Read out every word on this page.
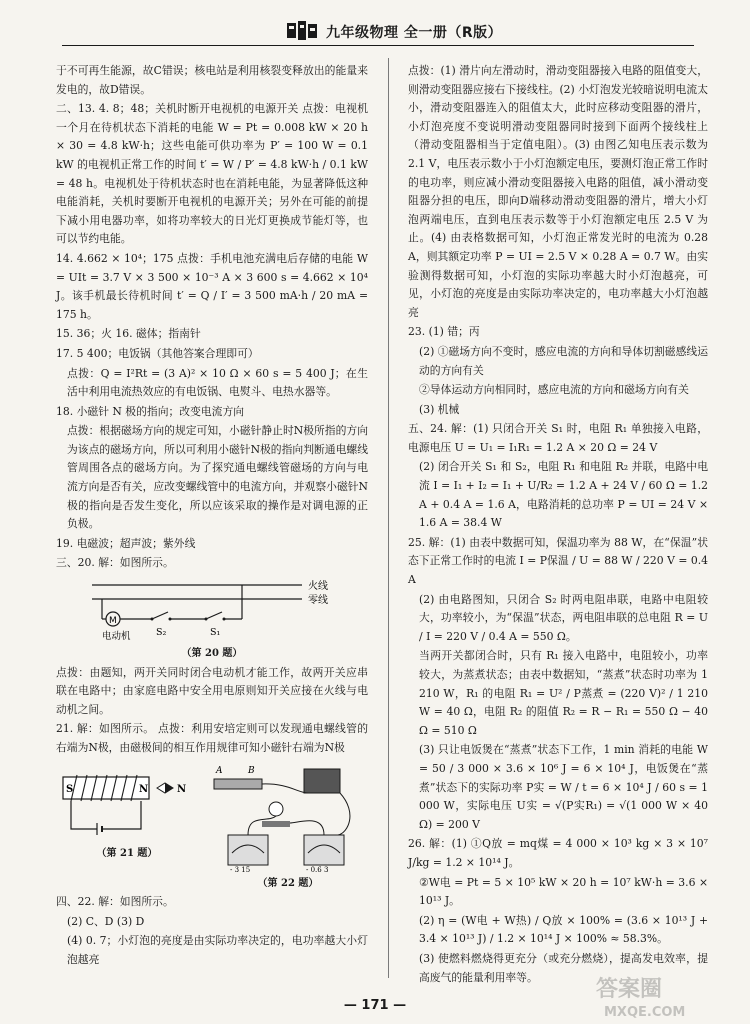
九年级物理 全一册（R版）

于不可再生能源，故C错误；核电站是利用核裂变释放出的能量来发电的，故D错误。

二、13. 4. 8；48；关机时断开电视机的电源开关 点拨：电视机一个月在待机状态下消耗的电能 W = Pt = 0.008 kW × 20 h × 30 = 4.8 kW·h；这些电能可供功率为 P′ = 100 W = 0.1 kW 的电视机正常工作的时间 t′ = W / P′ = 4.8 kW·h / 0.1 kW = 48 h。电视机处于待机状态时也在消耗电能，为显著降低这种电能消耗，关机时要断开电视机的电源开关；另外在可能的前提下减小用电器功率，如将功率较大的日光灯更换成节能灯等，也可以节约电能。

14. 4.662 × 10⁴；175 点拨：手机电池充满电后存储的电能 W = UIt = 3.7 V × 3 500 × 10⁻³ A × 3 600 s = 4.662 × 10⁴ J。该手机最长待机时间 t′ = Q / I′ = 3 500 mA·h / 20 mA = 175 h。

15. 36；火 16. 磁体；指南针

17. 5 400；电饭锅（其他答案合理即可）

点拨：Q = I²Rt = (3 A)² × 10 Ω × 60 s = 5 400 J；在生活中利用电流热效应的有电饭锅、电熨斗、电热水器等。

18. 小磁针 N 极的指向；改变电流方向

点拨：根据磁场方向的规定可知，小磁针静止时N极所指的方向为该点的磁场方向，所以可利用小磁针N极的指向判断通电螺线管周围各点的磁场方向。为了探究通电螺线管磁场的方向与电流方向是否有关，应改变螺线管中的电流方向，并观察小磁针N极的指向是否发生变化，所以应该采取的操作是对调电源的正负极。

19. 电磁波；超声波；紫外线

三、20. 解：如图所示。

火线
零线
M
电动机	S₂	S₁
（第 20 题）

点拨：由题知，两开关同时闭合电动机才能工作，故两开关应串联在电路中；由家庭电路中安全用电原则知开关应接在火线与电动机之间。

21. 解：如图所示。 点拨：利用安培定则可以发现通电螺线管的右端为N极，由磁极间的相互作用规律可知小磁针右端为N极

S	N	N
（第 21 题）
A	B
- 3 15	- 0.6 3
（第 22 题）

四、22. 解：如图所示。

(2) C、D (3) D

(4) 0. 7；小灯泡的亮度是由实际功率决定的，电功率越大小灯泡越亮

点拨：(1) 滑片向左滑动时，滑动变阻器接入电路的阻值变大，则滑动变阻器应接右下接线柱。(2) 小灯泡发光较暗说明电流太小，滑动变阻器连入的阻值太大，此时应移动变阻器的滑片，小灯泡亮度不变说明滑动变阻器同时接到下面两个接线柱上（滑动变阻器相当于定值电阻）。(3) 由图乙知电压表示数为 2.1 V，电压表示数小于小灯泡额定电压，要测灯泡正常工作时的电功率，则应减小滑动变阻器接入电路的阻值，减小滑动变阻器分担的电压，即向D端移动滑动变阻器的滑片，增大小灯泡两端电压，直到电压表示数等于小灯泡额定电压 2.5 V 为止。(4) 由表格数据可知，小灯泡正常发光时的电流为 0.28 A，则其额定功率 P = UI = 2.5 V × 0.28 A = 0.7 W。由实验测得数据可知，小灯泡的实际功率越大时小灯泡越亮，可见，小灯泡的亮度是由实际功率决定的，电功率越大小灯泡越亮

23. (1) 错；丙

(2) ①磁场方向不变时，感应电流的方向和导体切割磁感线运动的方向有关

②导体运动方向相同时，感应电流的方向和磁场方向有关

(3) 机械

五、24. 解：(1) 只闭合开关 S₁ 时，电阻 R₁ 单独接入电路，电源电压 U = U₁ = I₁R₁ = 1.2 A × 20 Ω = 24 V

(2) 闭合开关 S₁ 和 S₂，电阻 R₁ 和电阻 R₂ 并联，电路中电流 I = I₁ + I₂ = I₁ + U/R₂ = 1.2 A + 24 V / 60 Ω = 1.2 A + 0.4 A = 1.6 A，电路消耗的总功率 P = UI = 24 V × 1.6 A = 38.4 W

25. 解：(1) 由表中数据可知，保温功率为 88 W，在“保温”状态下正常工作时的电流 I = P保温 / U = 88 W / 220 V = 0.4 A

(2) 由电路图知，只闭合 S₂ 时两电阻串联，电路中电阻较大，功率较小，为“保温”状态，两电阻串联的总电阻 R = U / I = 220 V / 0.4 A = 550 Ω。

当两开关都闭合时，只有 R₁ 接入电路中，电阻较小，功率较大，为蒸煮状态；由表中数据知，“蒸煮”状态时功率为 1 210 W，R₁ 的电阻 R₁ = U² / P蒸煮 = (220 V)² / 1 210 W = 40 Ω，电阻 R₂ 的阻值 R₂ = R − R₁ = 550 Ω − 40 Ω = 510 Ω

(3) 只让电饭煲在“蒸煮”状态下工作，1 min 消耗的电能 W = 50 / 3 000 × 3.6 × 10⁶ J = 6 × 10⁴ J，电饭煲在“蒸煮”状态下的实际功率 P实 = W / t = 6 × 10⁴ J / 60 s = 1 000 W，实际电压 U实 = √(P实R₁) = √(1 000 W × 40 Ω) = 200 V

26. 解：(1) ①Q放 = mq煤 = 4 000 × 10³ kg × 3 × 10⁷ J/kg = 1.2 × 10¹⁴ J。

②W电 = Pt = 5 × 10⁵ kW × 20 h = 10⁷ kW·h = 3.6 × 10¹³ J。

(2) η = (W电 + W热) / Q放 × 100% = (3.6 × 10¹³ J + 3.4 × 10¹³ J) / 1.2 × 10¹⁴ J × 100% ≈ 58.3%。

(3) 使燃料燃烧得更充分（或充分燃烧），提高发电效率，提高废气的能量利用率等。

— 171 —
答案圈
MXQE.COM
